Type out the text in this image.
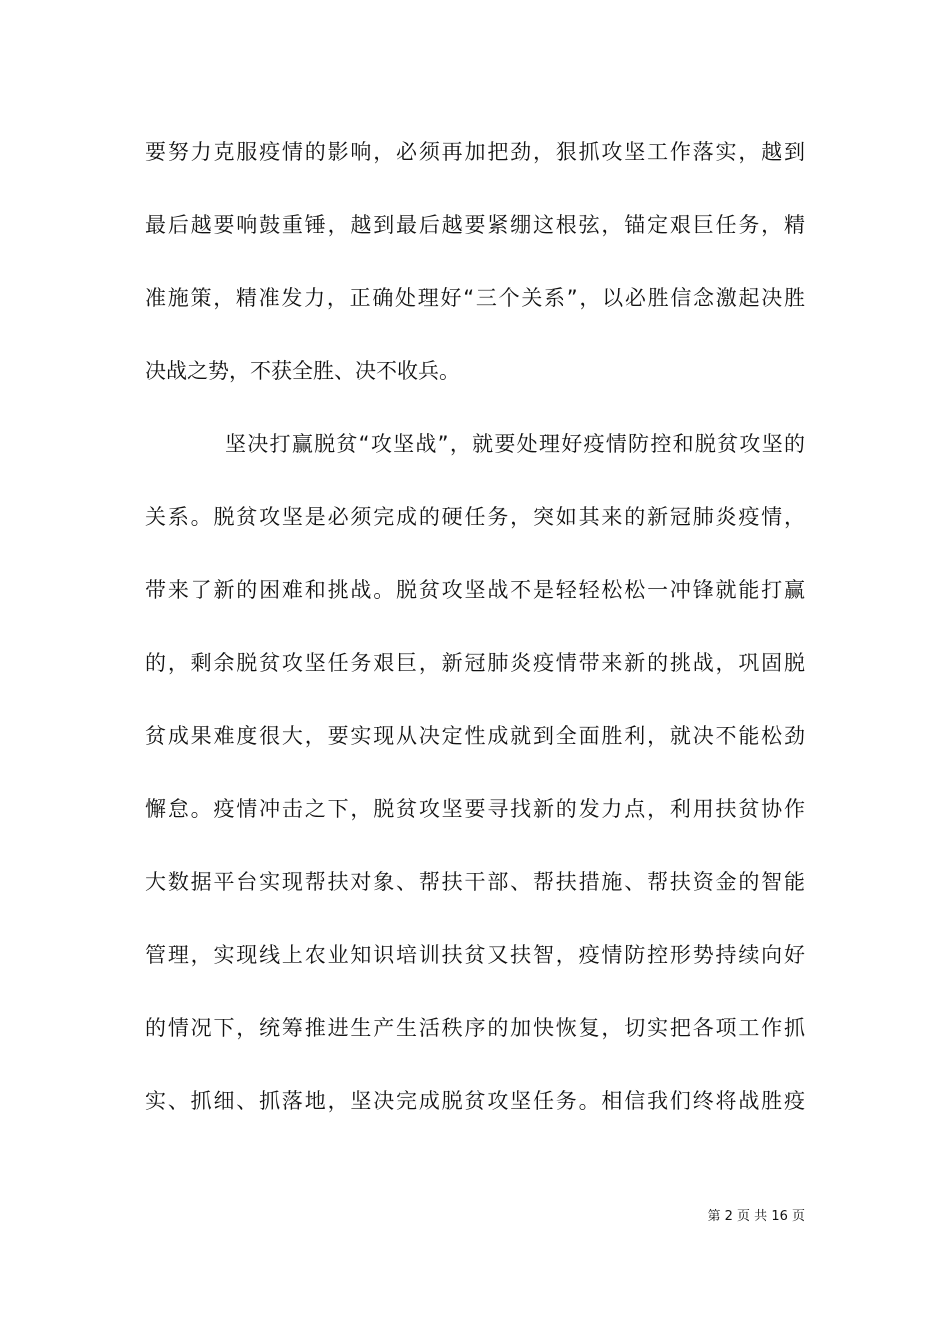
要努力克服疫情的影响，必须再加把劲，狠抓攻坚工作落实，越到
最后越要响鼓重锤，越到最后越要紧绷这根弦，锚定艰巨任务，精
准施策，精准发力，正确处理好“三个关系”，以必胜信念激起决胜
决战之势，不获全胜、决不收兵。
坚决打赢脱贫“攻坚战”，就要处理好疫情防控和脱贫攻坚的
关系。脱贫攻坚是必须完成的硬任务，突如其来的新冠肺炎疫情，
带来了新的困难和挑战。脱贫攻坚战不是轻轻松松一冲锋就能打赢
的，剩余脱贫攻坚任务艰巨，新冠肺炎疫情带来新的挑战，巩固脱
贫成果难度很大，要实现从决定性成就到全面胜利，就决不能松劲
懈怠。疫情冲击之下，脱贫攻坚要寻找新的发力点，利用扶贫协作
大数据平台实现帮扶对象、帮扶干部、帮扶措施、帮扶资金的智能
管理，实现线上农业知识培训扶贫又扶智，疫情防控形势持续向好
的情况下，统筹推进生产生活秩序的加快恢复，切实把各项工作抓
实、抓细、抓落地，坚决完成脱贫攻坚任务。相信我们终将战胜疫
第 2 页 共 16 页
